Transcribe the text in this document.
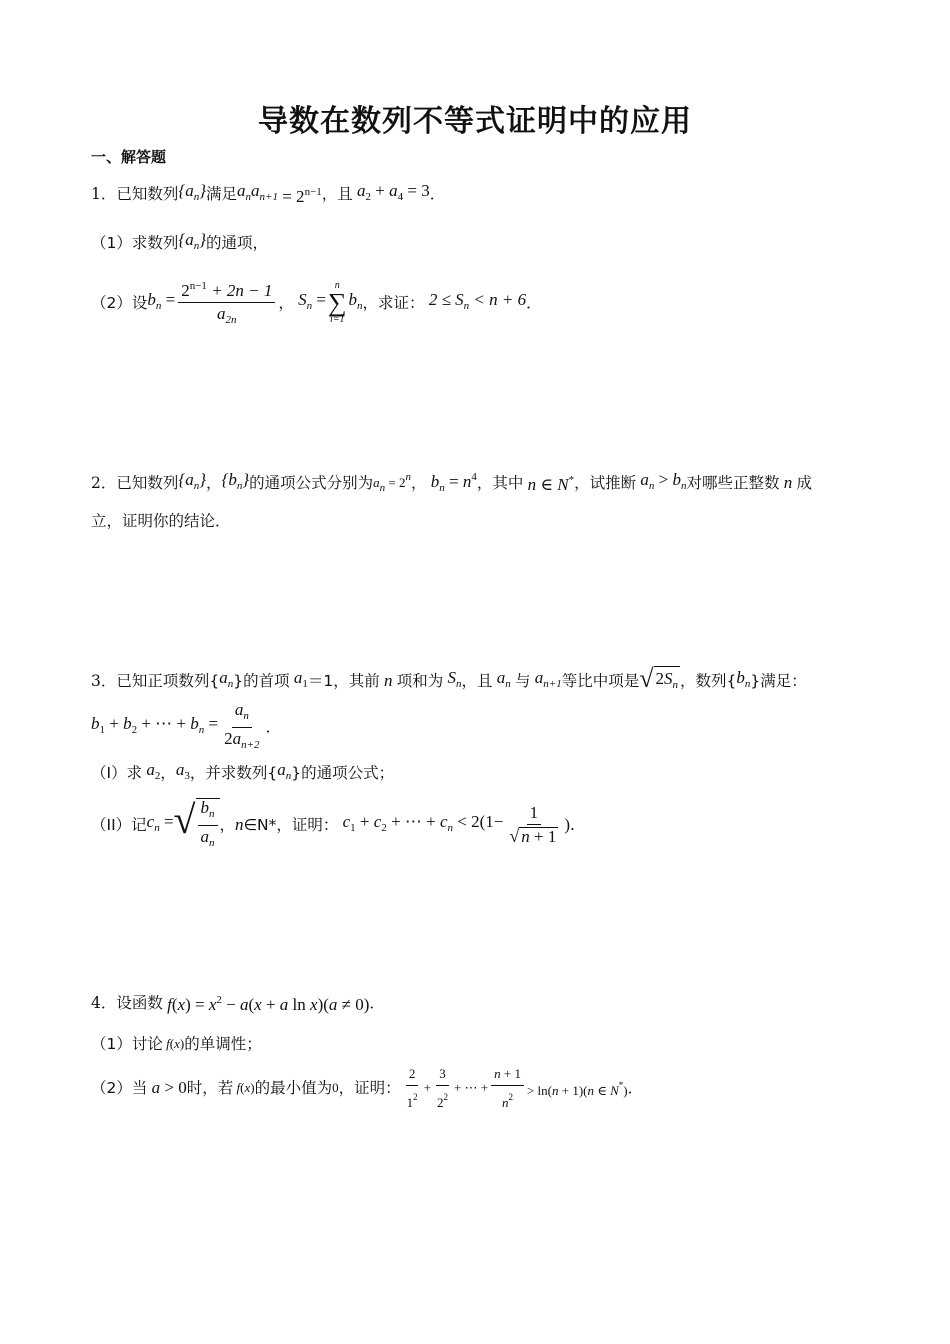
导数在数列不等式证明中的应用
一、解答题
1． 已知数列 $\{a_n\}$ 满足 $a_na_{n+1} = 2^{n-1}$ ，且 $a_2 + a_4 = 3$ ．
（1）求数列 $\{a_n\}$ 的通项，
（2）设 $b_n = \frac{2^{n-1} + 2n - 1}{a_{2n}}$ ， $S_n$ =
n
∑
i=1
$b_n$ ，求证： $2 \le S_n < n + 6$ ．
2． 已知数列 $\{a_n\}$ ， $\{b_n\}$ 的通项公式分别为 $a_n = 2^n$ ， $b_n = n^4$ ，其中 n ∈ N* ，试推断 $a_n > b_n$ 对哪些正整数 n 成
立，证明你的结论．
3． 已知正项数列{ $a_n$ }的首项 $a_1 =1$，其前 n 项和为 $S_n$ ，且 $a_n$ 与 $a_{n+1}$ 等比中项是 √ $2S_n$ ，数列{ $b_n$ }满足：
$b_1 + b_2$ + ⋯ + $b_n = \frac{a_n}{2a_{n+2}}$ ．
（I）求 $a_2$ ， $a_3$ ，并求数列{ $a_n$ }的通项公式；
（II）记 $c_n$ = √ $\frac{b_n}{a_n}$ ， n ∈N*，证明： $c_1 + c_2$ + ⋯ + $c_n < 2(1- \frac{1}{√ n + 1}$ ) .
4． 设函数 $f(x) = x^2 - a(x + a$ ln x)(a ≠ 0) ．
（1）讨论 f(x) 的单调性；
（2）当 a > 0 时，若 f(x) 的最小值为 0 ，证明： $\frac{2}{1^2} + \frac{3}{2^2}$ + ⋯ + $\frac{n + 1}{n^2} > \ln(n + 1)(n$ ∈ N*) ．
